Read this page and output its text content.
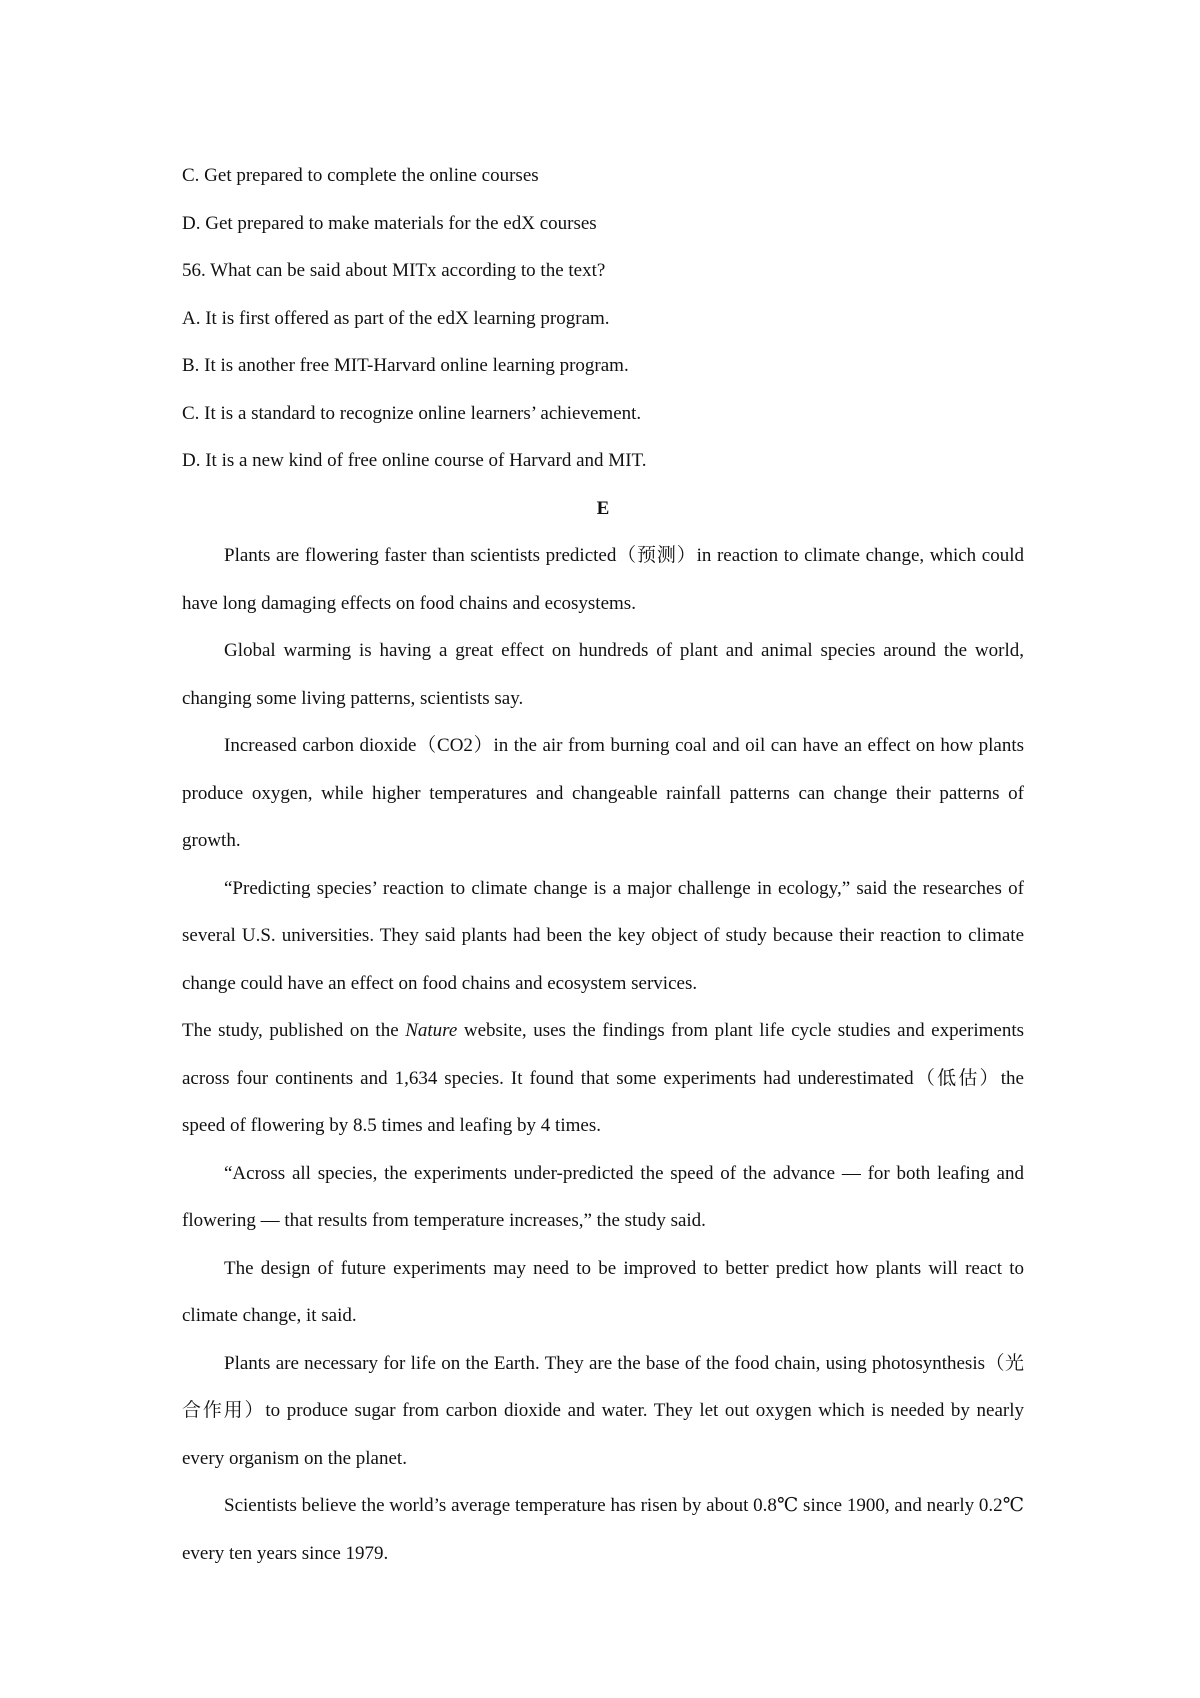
C. Get prepared to complete the online courses

D. Get prepared to make materials for the edX courses

56. What can be said about MITx according to the text?

A. It is first offered as part of the edX learning program.

B. It is another free MIT-Harvard online learning program.

C. It is a standard to recognize online learners’ achievement.

D. It is a new kind of free online course of Harvard and MIT.

E

Plants are flowering faster than scientists predicted（预测）in reaction to climate change, which could have long damaging effects on food chains and ecosystems.

Global warming is having a great effect on hundreds of plant and animal species around the world, changing some living patterns, scientists say.

Increased carbon dioxide（CO2）in the air from burning coal and oil can have an effect on how plants produce oxygen, while higher temperatures and changeable rainfall patterns can change their patterns of growth.

“Predicting species’ reaction to climate change is a major challenge in ecology,” said the researches of several U.S. universities. They said plants had been the key object of study because their reaction to climate change could have an effect on food chains and ecosystem services.

The study, published on the Nature website, uses the findings from plant life cycle studies and experiments across four continents and 1,634 species. It found that some experiments had underestimated（低估）the speed of flowering by 8.5 times and leafing by 4 times.

“Across all species, the experiments under-predicted the speed of the advance — for both leafing and flowering — that results from temperature increases,” the study said.

The design of future experiments may need to be improved to better predict how plants will react to climate change, it said.

Plants are necessary for life on the Earth. They are the base of the food chain, using photosynthesis（光合作用）to produce sugar from carbon dioxide and water. They let out oxygen which is needed by nearly every organism on the planet.

Scientists believe the world’s average temperature has risen by about 0.8℃ since 1900, and nearly 0.2℃ every ten years since 1979.
